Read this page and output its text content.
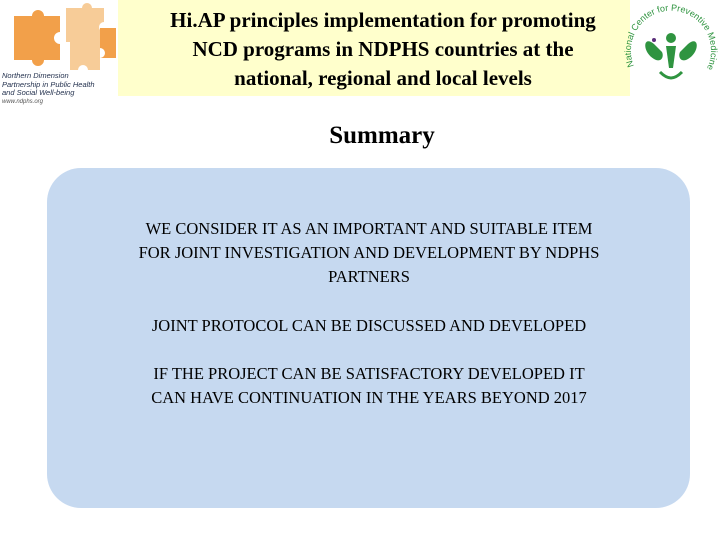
Hi.AP principles implementation for promoting
NCD programs in NDPHS countries at the
national, regional and local levels
Northern Dimension
Partnership in Public Health
and Social Well-being
www.ndphs.org
National Center for Preventive Medicine
Summary
WE CONSIDER IT AS AN IMPORTANT AND SUITABLE ITEM
FOR JOINT INVESTIGATION AND DEVELOPMENT BY NDPHS
PARTNERS
JOINT PROTOCOL CAN BE DISCUSSED AND DEVELOPED
IF THE PROJECT CAN BE SATISFACTORY DEVELOPED IT
CAN HAVE CONTINUATION IN THE YEARS BEYOND 2017
